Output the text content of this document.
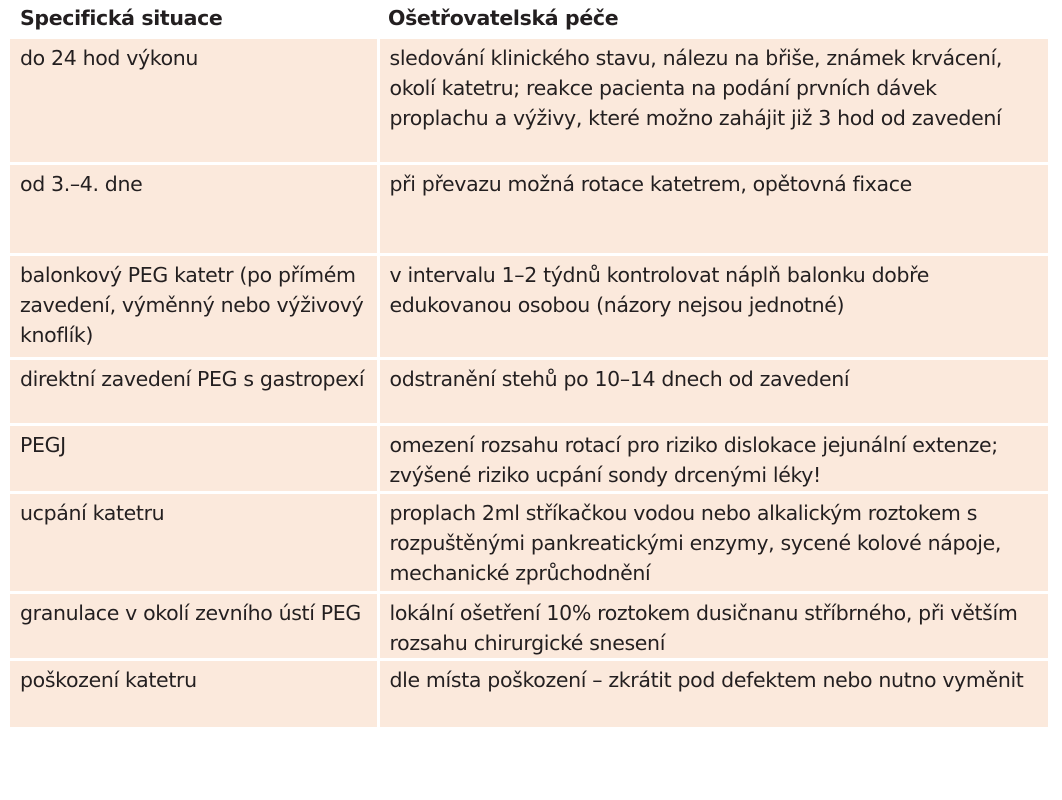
Specifická situace	Ošetřovatelská péče
do 24 hod výkonu	sledování klinického stavu, nálezu na břiše, známek krvácení, okolí katetru; reakce pacienta na podání prvních dávek proplachu a výživy, které možno zahájit již 3 hod od zavedení
od 3.–4. dne	při převazu možná rotace katetrem, opětovná fixace
balonkový PEG katetr (po přímém zavedení, výměnný nebo výživový knoflík)	v intervalu 1–2 týdnů kontrolovat náplň balonku dobře edukovanou osobou (názory nejsou jednotné)
direktní zavedení PEG s gastropexí	odstranění stehů po 10–14 dnech od zavedení
PEGJ	omezení rozsahu rotací pro riziko dislokace jejunální extenze; zvýšené riziko ucpání sondy drcenými léky!
ucpání katetru	proplach 2ml stříkačkou vodou nebo alkalickým roztokem s rozpuštěnými pankreatickými enzymy, sycené kolové nápoje, mechanické zprůchodnění
granulace v okolí zevního ústí PEG	lokální ošetření 10% roztokem dusičnanu stříbrného, při větším rozsahu chirurgické snesení
poškození katetru	dle místa poškození – zkrátit pod defektem nebo nutno vyměnit
